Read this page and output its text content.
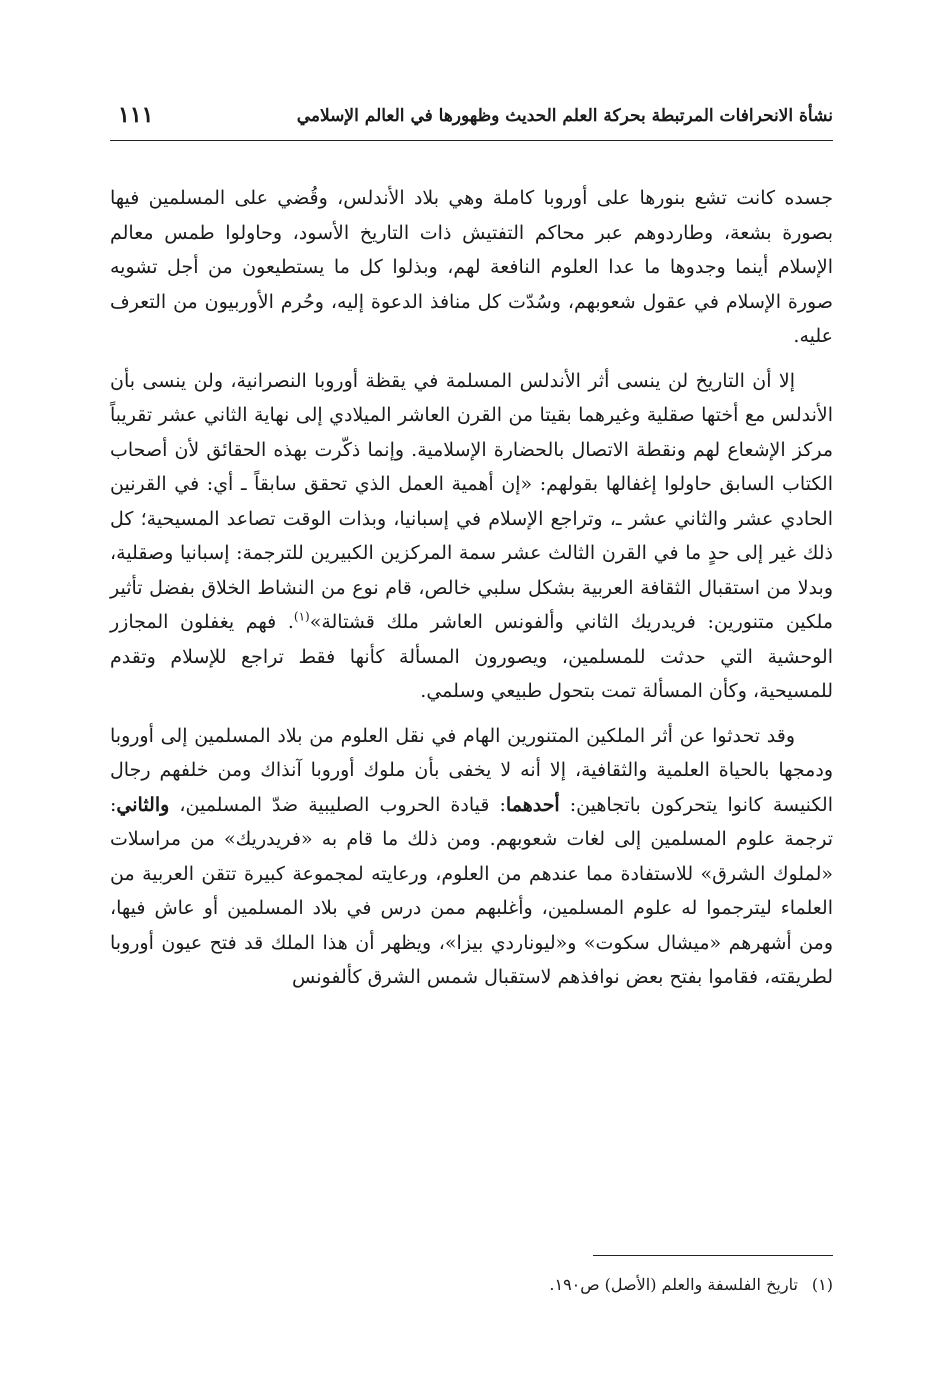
نشأة الانحرافات المرتبطة بحركة العلم الحديث وظهورها في العالم الإسلامي
١١١

جسده كانت تشع بنورها على أوروبا كاملة وهي بلاد الأندلس، وقُضي على المسلمين فيها بصورة بشعة، وطاردوهم عبر محاكم التفتيش ذات التاريخ الأسود، وحاولوا طمس معالم الإسلام أينما وجدوها ما عدا العلوم النافعة لهم، وبذلوا كل ما يستطيعون من أجل تشويه صورة الإسلام في عقول شعوبهم، وسُدّت كل منافذ الدعوة إليه، وحُرم الأوربيون من التعرف عليه.

إلا أن التاريخ لن ينسى أثر الأندلس المسلمة في يقظة أوروبا النصرانية، ولن ينسى بأن الأندلس مع أختها صقلية وغيرهما بقيتا من القرن العاشر الميلادي إلى نهاية الثاني عشر تقريباً مركز الإشعاع لهم ونقطة الاتصال بالحضارة الإسلامية. وإنما ذكّرت بهذه الحقائق لأن أصحاب الكتاب السابق حاولوا إغفالها بقولهم: «إن أهمية العمل الذي تحقق سابقاً ـ أي: في القرنين الحادي عشر والثاني عشر ـ، وتراجع الإسلام في إسبانيا، وبذات الوقت تصاعد المسيحية؛ كل ذلك غير إلى حدٍ ما في القرن الثالث عشر سمة المركزين الكبيرين للترجمة: إسبانيا وصقلية، وبدلا من استقبال الثقافة العربية بشكل سلبي خالص، قام نوع من النشاط الخلاق بفضل تأثير ملكين متنورين: فريدريك الثاني وألفونس العاشر ملك قشتالة»$^{(١)}$. فهم يغفلون المجازر الوحشية التي حدثت للمسلمين، ويصورون المسألة كأنها فقط تراجع للإسلام وتقدم للمسيحية، وكأن المسألة تمت بتحول طبيعي وسلمي.

وقد تحدثوا عن أثر الملكين المتنورين الهام في نقل العلوم من بلاد المسلمين إلى أوروبا ودمجها بالحياة العلمية والثقافية، إلا أنه لا يخفى بأن ملوك أوروبا آنذاك ومن خلفهم رجال الكنيسة كانوا يتحركون باتجاهين: أحدهما: قيادة الحروب الصليبية ضدّ المسلمين، والثاني: ترجمة علوم المسلمين إلى لغات شعوبهم. ومن ذلك ما قام به «فريدريك» من مراسلات «لملوك الشرق» للاستفادة مما عندهم من العلوم، ورعايته لمجموعة كبيرة تتقن العربية من العلماء ليترجموا له علوم المسلمين، وأغلبهم ممن درس في بلاد المسلمين أو عاش فيها، ومن أشهرهم «ميشال سكوت» و«ليوناردي بيزا»، ويظهر أن هذا الملك قد فتح عيون أوروبا لطريقته، فقاموا بفتح بعض نوافذهم لاستقبال شمس الشرق كألفونس

(١)تاريخ الفلسفة والعلم (الأصل) ص١٩٠.
